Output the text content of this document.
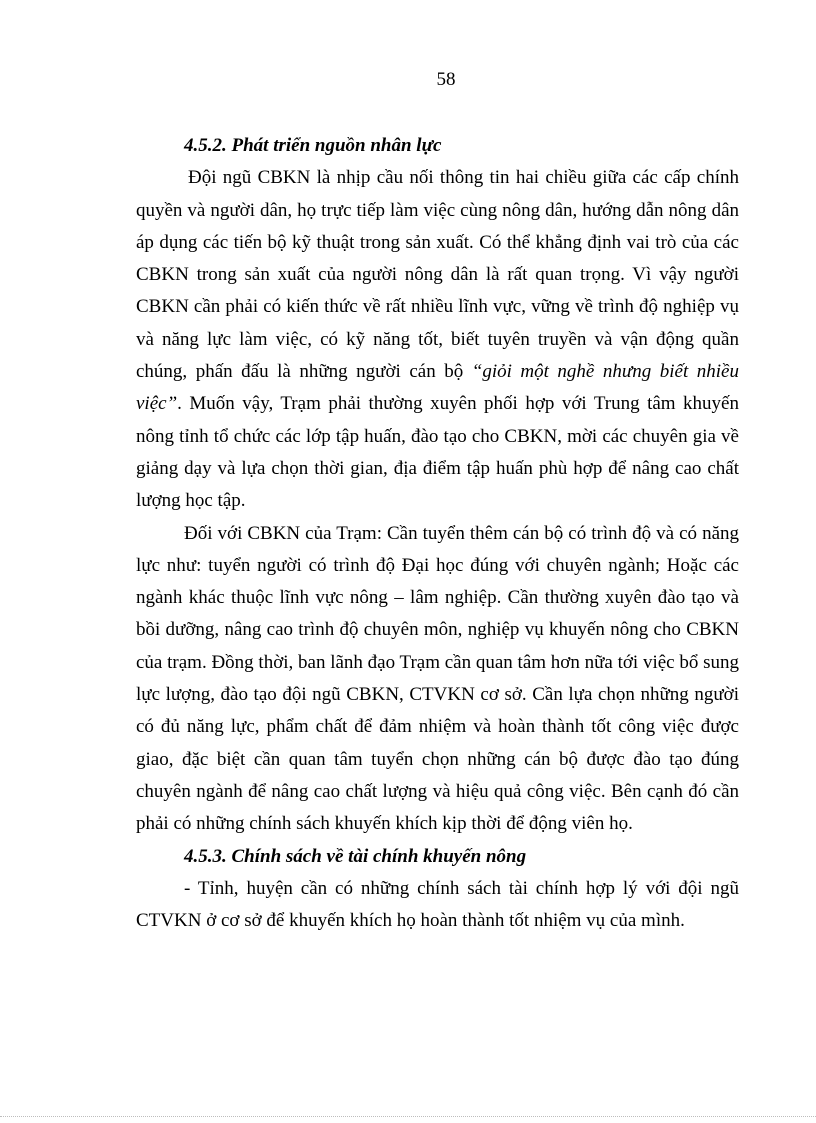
58

4.5.2. Phát triển nguồn nhân lực

Đội ngũ CBKN là nhịp cầu nối thông tin hai chiều giữa các cấp chính quyền và người dân, họ trực tiếp làm việc cùng nông dân, hướng dẫn nông dân áp dụng các tiến bộ kỹ thuật trong sản xuất. Có thể khẳng định vai trò của các CBKN trong sản xuất của người nông dân là rất quan trọng. Vì vậy người CBKN cần phải có kiến thức về rất nhiều lĩnh vực, vững về trình độ nghiệp vụ và năng lực làm việc, có kỹ năng tốt, biết tuyên truyền và vận động quần chúng, phấn đấu là những người cán bộ “giỏi một nghề nhưng biết nhiều việc”. Muốn vậy, Trạm phải thường xuyên phối hợp với Trung tâm khuyến nông tỉnh tổ chức các lớp tập huấn, đào tạo cho CBKN, mời các chuyên gia về giảng dạy và lựa chọn thời gian, địa điểm tập huấn phù hợp để nâng cao chất lượng học tập.

Đối với CBKN của Trạm: Cần tuyển thêm cán bộ có trình độ và có năng lực như: tuyển người có trình độ Đại học đúng với chuyên ngành; Hoặc các ngành khác thuộc lĩnh vực nông – lâm nghiệp. Cần thường xuyên đào tạo và bồi dưỡng, nâng cao trình độ chuyên môn, nghiệp vụ khuyến nông cho CBKN của trạm. Đồng thời, ban lãnh đạo Trạm cần quan tâm hơn nữa tới việc bổ sung lực lượng, đào tạo đội ngũ CBKN, CTVKN cơ sở. Cần lựa chọn những người có đủ năng lực, phẩm chất để đảm nhiệm và hoàn thành tốt công việc được giao, đặc biệt cần quan tâm tuyển chọn những cán bộ được đào tạo đúng chuyên ngành để nâng cao chất lượng và hiệu quả công việc. Bên cạnh đó cần phải có những chính sách khuyến khích kịp thời để động viên họ.

4.5.3. Chính sách về tài chính khuyến nông

- Tỉnh, huyện cần có những chính sách tài chính hợp lý với đội ngũ CTVKN ở cơ sở để khuyến khích họ hoàn thành tốt nhiệm vụ của mình.
